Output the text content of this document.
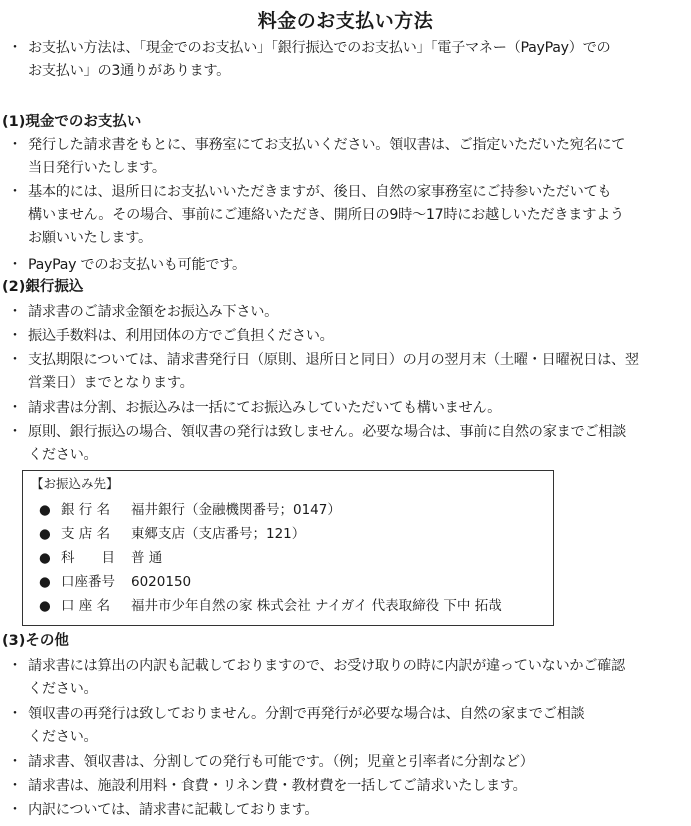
料金のお支払い方法
・ お支払い方法は、「現金でのお支払い」「銀行振込でのお支払い」「電子マネー（PayPay）での
お支払い」の3通りがあります。
(1)現金でのお支払い
・ 発行した請求書をもとに、事務室にてお支払いください。領収書は、ご指定いただいた宛名にて
当日発行いたします。
・ 基本的には、退所日にお支払いいただきますが、後日、自然の家事務室にご持参いただいても
構いません。その場合、事前にご連絡いただき、開所日の9時～17時にお越しいただきますよう
お願いいたします。
・ PayPay でのお支払いも可能です。
(2)銀行振込
・ 請求書のご請求金額をお振込み下さい。
・ 振込手数料は、利用団体の方でご負担ください。
・ 支払期限については、請求書発行日（原則、退所日と同日）の月の翌月末（土曜・日曜祝日は、翌
営業日）までとなります。
・ 請求書は分割、お振込みは一括にてお振込みしていただいても構いません。
・ 原則、銀行振込の場合、領収書の発行は致しません。必要な場合は、事前に自然の家までご相談
ください。
【お振込み先】
● 銀 行 名 福井銀行（金融機関番号；0147）
● 支 店 名 東郷支店（支店番号；121）
● 科　　目 普 通
● 口座番号 6020150
● 口 座 名 福井市少年自然の家 株式会社 ナイガイ 代表取締役 下中 拓哉
(3)その他
・ 請求書には算出の内訳も記載しておりますので、お受け取りの時に内訳が違っていないかご確認
ください。
・ 領収書の再発行は致しておりません。分割で再発行が必要な場合は、自然の家までご相談
ください。
・ 請求書、領収書は、分割しての発行も可能です。（例；児童と引率者に分割など）
・ 請求書は、施設利用料・食費・リネン費・教材費を一括してご請求いたします。
・ 内訳については、請求書に記載しております。
